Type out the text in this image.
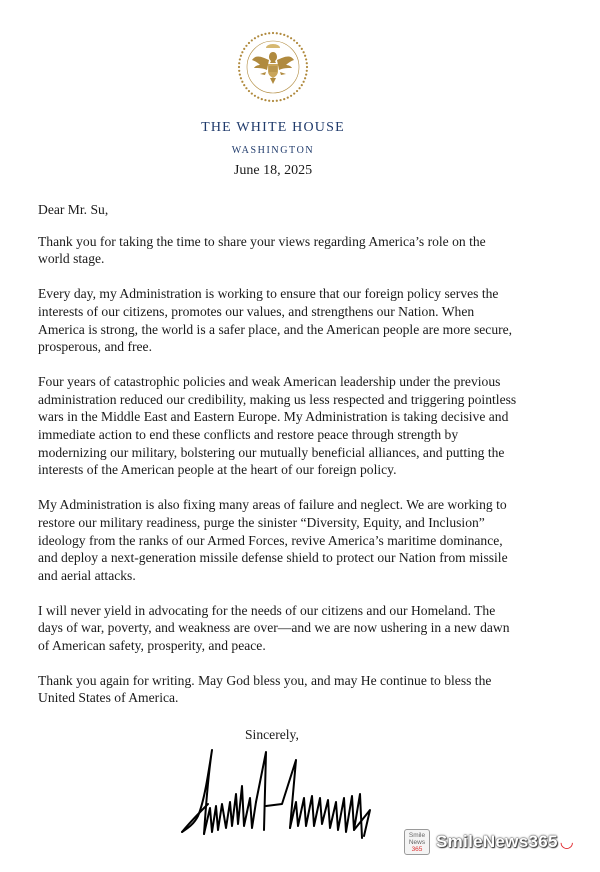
THE WHITE HOUSE
WASHINGTON
June 18, 2025

Dear Mr. Su,

Thank you for taking the time to share your views regarding America’s role on the world stage.

Every day, my Administration is working to ensure that our foreign policy serves the interests of our citizens, promotes our values, and strengthens our Nation. When America is strong, the world is a safer place, and the American people are more secure, prosperous, and free.

Four years of catastrophic policies and weak American leadership under the previous administration reduced our credibility, making us less respected and triggering pointless wars in the Middle East and Eastern Europe. My Administration is taking decisive and immediate action to end these conflicts and restore peace through strength by modernizing our military, bolstering our mutually beneficial alliances, and putting the interests of the American people at the heart of our foreign policy.

My Administration is also fixing many areas of failure and neglect. We are working to restore our military readiness, purge the sinister “Diversity, Equity, and Inclusion” ideology from the ranks of our Armed Forces, revive America’s maritime dominance, and deploy a next-generation missile defense shield to protect our Nation from missile and aerial attacks.

I will never yield in advocating for the needs of our citizens and our Homeland. The days of war, poverty, and weakness are over—and we are now ushering in a new dawn of American safety, prosperity, and peace.

Thank you again for writing. May God bless you, and may He continue to bless the United States of America.

Sincerely,
Smile
News
365 SmileNews365 ◡
